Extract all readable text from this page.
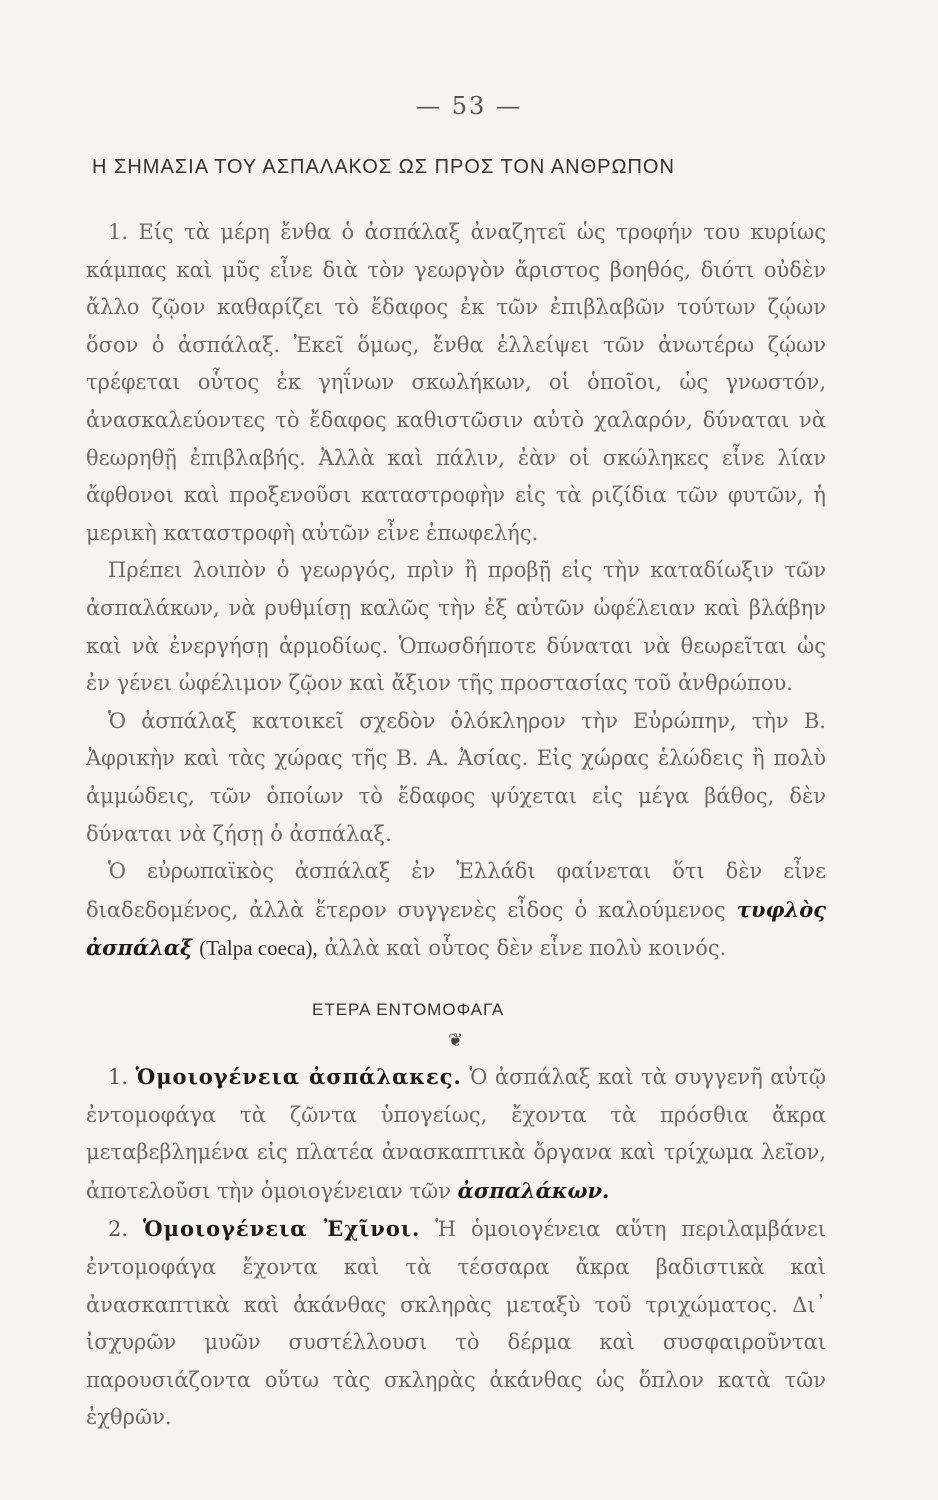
— 53 —
Η ΣΗΜΑΣΙΑ ΤΟΥ ΑΣΠΑΛΑΚΟΣ ΩΣ ΠΡΟΣ ΤΟΝ ΑΝΘΡΩΠΟΝ

1. Είς τὰ μέρη ἔνθα ὁ ἀσπάλαξ ἀναζητεῖ ὡς τροφήν του κυρίως κάμπας καὶ μῦς εἶνε διὰ τὸν γεωργὸν ἄριστος βοηθός, διότι οὐδὲν ἄλλο ζῷον καθαρίζει τὸ ἔδαφος ἐκ τῶν ἐπιβλαβῶν τούτων ζῴων ὅσον ὁ ἀσπάλαξ. Ἐκεῖ ὅμως, ἔνθα ἐλλείψει τῶν ἀνωτέρω ζῴων τρέφεται οὗτος ἐκ γηΐνων σκωλήκων, οἱ ὁποῖοι, ὡς γνωστόν, ἀνασκαλεύοντες τὸ ἔδαφος καθιστῶσιν αὐτὸ χαλαρόν, δύναται νὰ θεωρηθῇ ἐπιβλαβής. Ἀλλὰ καὶ πάλιν, ἐὰν οἱ σκώληκες εἶνε λίαν ἄφθονοι καὶ προξενοῦσι καταστροφὴν εἰς τὰ ριζίδια τῶν φυτῶν, ἡ μερικὴ καταστροφὴ αὐτῶν εἶνε ἐπωφελής.

Πρέπει λοιπὸν ὁ γεωργός, πρὶν ἢ προβῇ εἰς τὴν καταδίωξιν τῶν ἀσπαλάκων, νὰ ρυθμίσῃ καλῶς τὴν ἐξ αὐτῶν ὠφέλειαν καὶ βλάβην καὶ νὰ ἐνεργήσῃ ἁρμοδίως. Ὁπωσδήποτε δύναται νὰ θεωρεῖται ὡς ἐν γένει ὠφέλιμον ζῷον καὶ ἄξιον τῆς προστασίας τοῦ ἀνθρώπου.

Ὁ ἀσπάλαξ κατοικεῖ σχεδὸν ὁλόκληρον τὴν Εὐρώπην, τὴν Β. Ἀφρικὴν καὶ τὰς χώρας τῆς Β. Α. Ἀσίας. Εἰς χώρας ἑλώδεις ἢ πολὺ ἀμμώδεις, τῶν ὁποίων τὸ ἔδαφος ψύχεται εἰς μέγα βάθος, δὲν δύναται νὰ ζήσῃ ὁ ἀσπάλαξ.

Ὁ εὐρωπαϊκὸς ἀσπάλαξ ἐν Ἑλλάδι φαίνεται ὅτι δὲν εἶνε διαδεδομένος, ἀλλὰ ἕτερον συγγενὲς εἶδος ὁ καλούμενος τυφλὸς ἀσπάλαξ (Talpa coeca), ἀλλὰ καὶ οὗτος δὲν εἶνε πολὺ κοινός.

ΕΤΕΡΑ ΕΝΤΟΜΟΦΑΓΑ
❦

1. Ὁμοιογένεια ἀσπάλακες. Ὁ ἀσπάλαξ καὶ τὰ συγγενῆ αὐτῷ ἐντομοφάγα τὰ ζῶντα ὑπογείως, ἔχοντα τὰ πρόσθια ἄκρα μεταβεβλημένα εἰς πλατέα ἀνασκαπτικὰ ὄργανα καὶ τρίχωμα λεῖον, ἀποτελοῦσι τὴν ὁμοιογένειαν τῶν ἀσπαλάκων.

2. Ὁμοιογένεια Ἐχῖνοι. Ἡ ὁμοιογένεια αὕτη περιλαμβάνει ἐντομοφάγα ἔχοντα καὶ τὰ τέσσαρα ἄκρα βαδιστικὰ καὶ ἀνασκαπτικὰ καὶ ἀκάνθας σκληρὰς μεταξὺ τοῦ τριχώματος. Δι᾿ ἰσχυρῶν μυῶν συστέλλουσι τὸ δέρμα καὶ συσφαιροῦνται παρουσιάζοντα οὕτω τὰς σκληρὰς ἀκάνθας ὡς ὅπλον κατὰ τῶν ἐχθρῶν.
